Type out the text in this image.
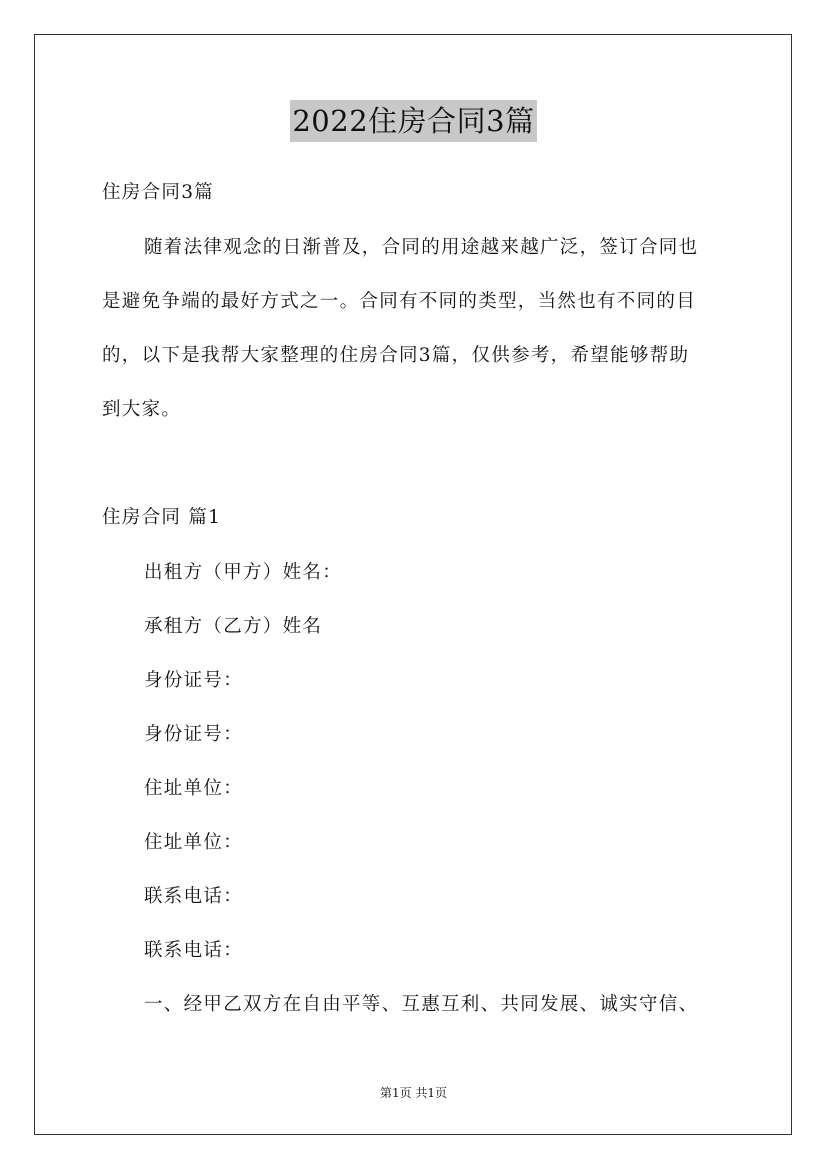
2022住房合同3篇
住房合同3篇
随着法律观念的日渐普及，合同的用途越来越广泛，签订合同也
是避免争端的最好方式之一。合同有不同的类型，当然也有不同的目
的，以下是我帮大家整理的住房合同3篇，仅供参考，希望能够帮助
到大家。
住房合同 篇1
出租方（甲方）姓名：
承租方（乙方）姓名
身份证号：
身份证号：
住址单位：
住址单位：
联系电话：
联系电话：
一、经甲乙双方在自由平等、互惠互利、共同发展、诚实守信、
第1页 共1页
